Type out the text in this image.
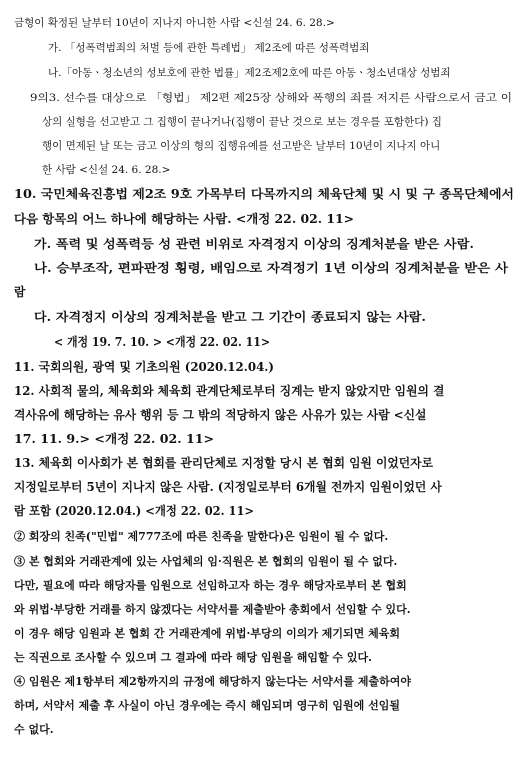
금형이 확정된 날부터 10년이 지나지 아니한 사람 <신설 24. 6. 28.>
가. 「성폭력범죄의 처벌 등에 관한 특례법」 제2조에 따른 성폭력범죄
나.「아동ㆍ청소년의 성보호에 관한 법률」제2조제2호에 따른 아동ㆍ청소년대상 성범죄
9의3. 선수를 대상으로 「형법」 제2편 제25장 상해와 폭행의 죄를 저지른 사람으로서 금고 이
상의 실형을 선고받고 그 집행이 끝나거나(집행이 끝난 것으로 보는 경우를 포함한다) 집
행이 면제된 날 또는 금고 이상의 형의 집행유예를 선고받은 날부터 10년이 지나지 아니
한 사람 <신설 24. 6. 28.>
10. 국민체육진흥법 제2조 9호 가목부터 다목까지의 체육단체 및 시 및 구 종목단체에서
다음 항목의 어느 하나에 해당하는 사람. <개정 22. 02. 11>
가. 폭력 및 성폭력등 성 관련 비위로 자격정지 이상의 징계처분을 받은 사람.
나. 승부조작, 편파판정 횡령, 배임으로 자격정기 1년 이상의 징계처분을 받은 사
람
다. 자격정지 이상의 징계처분을 받고 그 기간이 종료되지 않는 사람.
< 개정 19. 7. 10. > <개정 22. 02. 11>
11. 국회의원, 광역 및 기초의원 (2020.12.04.)
12. 사회적 물의, 체육회와 체육회 관계단체로부터 징계는 받지 않았지만 임원의 결
격사유에 해당하는 유사 행위 등 그 밖의 적당하지 않은 사유가 있는 사람 <신설
17. 11. 9.> <개정 22. 02. 11>
13. 체육회 이사회가 본 협회를 관리단체로 지정할 당시 본 협회 임원 이었던자로
지정일로부터 5년이 지나지 않은 사람. (지정일로부터 6개월 전까지 임원이었던 사
람 포함 (2020.12.04.) <개정 22. 02. 11>
② 회장의 친족("민법" 제777조에 따른 친족을 말한다)은 임원이 될 수 없다.
③ 본 협회와 거래관계에 있는 사업체의 임·직원은 본 협회의 임원이 될 수 없다.
다만, 필요에 따라 해당자를 임원으로 선임하고자 하는 경우 해당자로부터 본 협회
와 위법·부당한 거래를 하지 않겠다는 서약서를 제출받아 총회에서 선임할 수 있다.
이 경우 해당 임원과 본 협회 간 거래관계에 위법·부당의 이의가 제기되면 체육회
는 직권으로 조사할 수 있으며 그 결과에 따라 해당 임원을 해임할 수 있다.
④ 임원은 제1항부터 제2항까지의 규정에 해당하지 않는다는 서약서를 제출하여야
하며, 서약서 제출 후 사실이 아닌 경우에는 즉시 해임되며 영구히 임원에 선임될
수 없다.
